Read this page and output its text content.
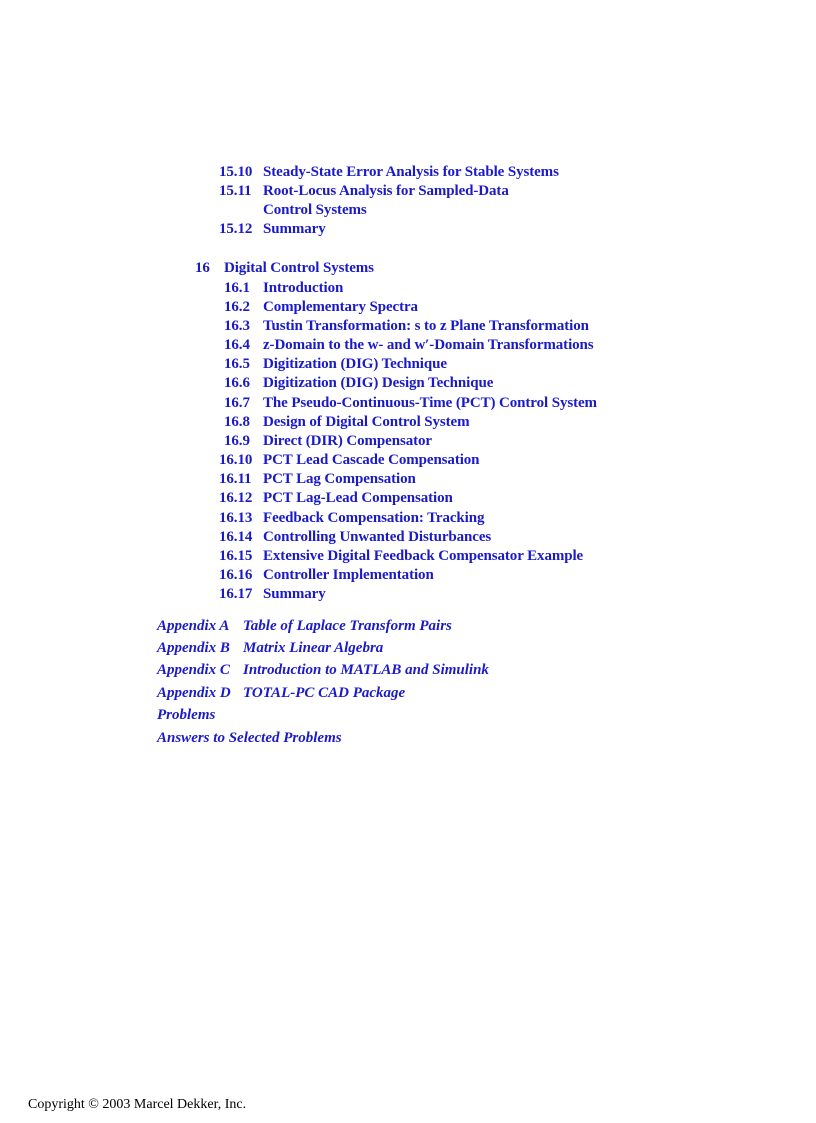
15.10 Steady-State Error Analysis for Stable Systems
15.11 Root-Locus Analysis for Sampled-Data
Control Systems
15.12 Summary
16 Digital Control Systems
16.1 Introduction
16.2 Complementary Spectra
16.3 Tustin Transformation: s to z Plane Transformation
16.4 z-Domain to the w- and w′-Domain Transformations
16.5 Digitization (DIG) Technique
16.6 Digitization (DIG) Design Technique
16.7 The Pseudo-Continuous-Time (PCT) Control System
16.8 Design of Digital Control System
16.9 Direct (DIR) Compensator
16.10 PCT Lead Cascade Compensation
16.11 PCT Lag Compensation
16.12 PCT Lag-Lead Compensation
16.13 Feedback Compensation: Tracking
16.14 Controlling Unwanted Disturbances
16.15 Extensive Digital Feedback Compensator Example
16.16 Controller Implementation
16.17 Summary
Appendix A Table of Laplace Transform Pairs
Appendix B Matrix Linear Algebra
Appendix C Introduction to MATLAB and Simulink
Appendix D TOTAL-PC CAD Package
Problems
Answers to Selected Problems
Copyright © 2003 Marcel Dekker, Inc.
